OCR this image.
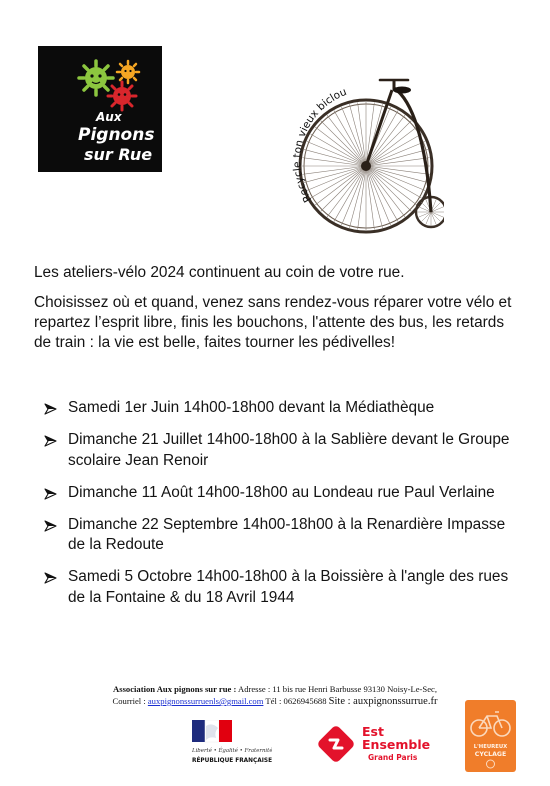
Aux
Pignons
sur Rue
Recycle ton vieux biclou

Les ateliers-vélo 2024 continuent au coin de votre rue.

Choisissez où et quand, venez sans rendez-vous réparer votre vélo et repartez l’esprit libre, finis les bouchons, l'attente des bus, les retards de train : la vie est belle, faites tourner les pédivelles!

Samedi 1er Juin 14h00-18h00 devant la Médiathèque
Dimanche 21 Juillet 14h00-18h00 à la Sablière devant le Groupe scolaire Jean Renoir
Dimanche 11 Août 14h00-18h00 au Londeau rue Paul Verlaine
Dimanche 22 Septembre 14h00-18h00 à la Renardière Impasse de la Redoute
Samedi 5 Octobre 14h00-18h00 à la Boissière à l'angle des rues de la Fontaine & du 18 Avril 1944
Association Aux pignons sur rue : Adresse : 11 bis rue Henri Barbusse 93130 Noisy-Le-Sec,
Courriel : auxpignonssurruenls@gmail.com Tél : 0626945688 Site : auxpignonssurrue.fr
Liberté • Égalité • Fraternité
RÉPUBLIQUE FRANÇAISE
Est
Ensemble
Grand Paris
L'HEUREUX
CYCLAGE
